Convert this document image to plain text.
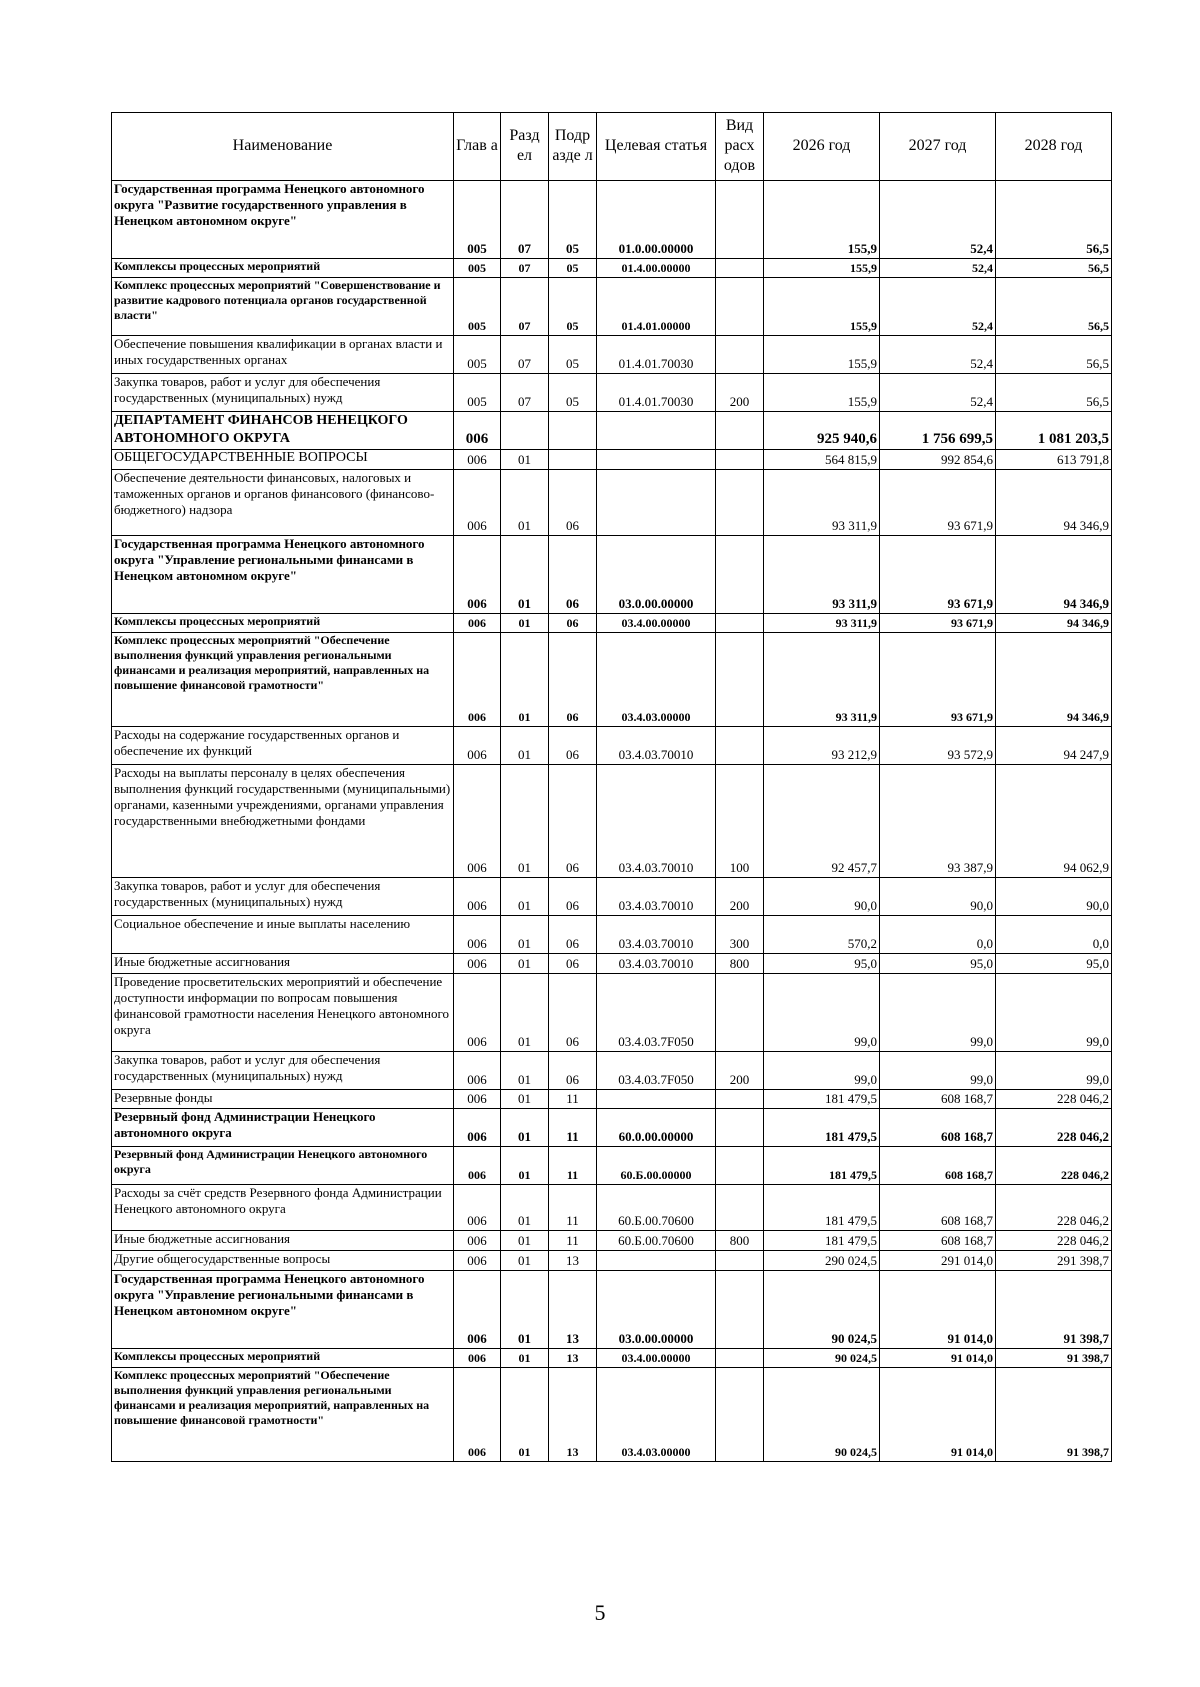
Наименование	Глав а	Разд ел	Подр азде л	Целевая статья	Вид расх одов	2026 год	2027 год	2028 год
Государственная программа Ненецкого автономного округа "Развитие государственного управления в Ненецком автономном округе"	005	07	05	01.0.00.00000		155,9	52,4	56,5
Комплексы процессных мероприятий	005	07	05	01.4.00.00000		155,9	52,4	56,5
Комплекс процессных мероприятий "Совершенствование и развитие кадрового потенциала органов государственной власти"	005	07	05	01.4.01.00000		155,9	52,4	56,5
Обеспечение повышения квалификации в органах власти и иных государственных органах	005	07	05	01.4.01.70030		155,9	52,4	56,5
Закупка товаров, работ и услуг для обеспечения государственных (муниципальных) нужд	005	07	05	01.4.01.70030	200	155,9	52,4	56,5
ДЕПАРТАМЕНТ ФИНАНСОВ НЕНЕЦКОГО АВТОНОМНОГО ОКРУГА	006					925 940,6	1 756 699,5	1 081 203,5
ОБЩЕГОСУДАРСТВЕННЫЕ ВОПРОСЫ	006	01				564 815,9	992 854,6	613 791,8
Обеспечение деятельности финансовых, налоговых и таможенных органов и органов финансового (финансово-бюджетного) надзора	006	01	06			93 311,9	93 671,9	94 346,9
Государственная программа Ненецкого автономного округа "Управление региональными финансами в Ненецком автономном округе"	006	01	06	03.0.00.00000		93 311,9	93 671,9	94 346,9
Комплексы процессных мероприятий	006	01	06	03.4.00.00000		93 311,9	93 671,9	94 346,9
Комплекс процессных мероприятий "Обеспечение выполнения функций управления региональными финансами и реализация мероприятий, направленных на повышение финансовой грамотности"	006	01	06	03.4.03.00000		93 311,9	93 671,9	94 346,9
Расходы на содержание государственных органов и обеспечение их функций	006	01	06	03.4.03.70010		93 212,9	93 572,9	94 247,9
Расходы на выплаты персоналу в целях обеспечения выполнения функций государственными (муниципальными) органами, казенными учреждениями, органами управления государственными внебюджетными фондами	006	01	06	03.4.03.70010	100	92 457,7	93 387,9	94 062,9
Закупка товаров, работ и услуг для обеспечения государственных (муниципальных) нужд	006	01	06	03.4.03.70010	200	90,0	90,0	90,0
Социальное обеспечение и иные выплаты населению	006	01	06	03.4.03.70010	300	570,2	0,0	0,0
Иные бюджетные ассигнования	006	01	06	03.4.03.70010	800	95,0	95,0	95,0
Проведение просветительских мероприятий и обеспечение доступности информации по вопросам повышения финансовой грамотности населения Ненецкого автономного округа	006	01	06	03.4.03.7F050		99,0	99,0	99,0
Закупка товаров, работ и услуг для обеспечения государственных (муниципальных) нужд	006	01	06	03.4.03.7F050	200	99,0	99,0	99,0
Резервные фонды	006	01	11			181 479,5	608 168,7	228 046,2
Резервный фонд Администрации Ненецкого автономного округа	006	01	11	60.0.00.00000		181 479,5	608 168,7	228 046,2
Резервный фонд Администрации Ненецкого автономного округа	006	01	11	60.Б.00.00000		181 479,5	608 168,7	228 046,2
Расходы за счёт средств Резервного фонда Администрации Ненецкого автономного округа	006	01	11	60.Б.00.70600		181 479,5	608 168,7	228 046,2
Иные бюджетные ассигнования	006	01	11	60.Б.00.70600	800	181 479,5	608 168,7	228 046,2
Другие общегосударственные вопросы	006	01	13			290 024,5	291 014,0	291 398,7
Государственная программа Ненецкого автономного округа "Управление региональными финансами в Ненецком автономном округе"	006	01	13	03.0.00.00000		90 024,5	91 014,0	91 398,7
Комплексы процессных мероприятий	006	01	13	03.4.00.00000		90 024,5	91 014,0	91 398,7
Комплекс процессных мероприятий "Обеспечение выполнения функций управления региональными финансами и реализация мероприятий, направленных на повышение финансовой грамотности"	006	01	13	03.4.03.00000		90 024,5	91 014,0	91 398,7
5
